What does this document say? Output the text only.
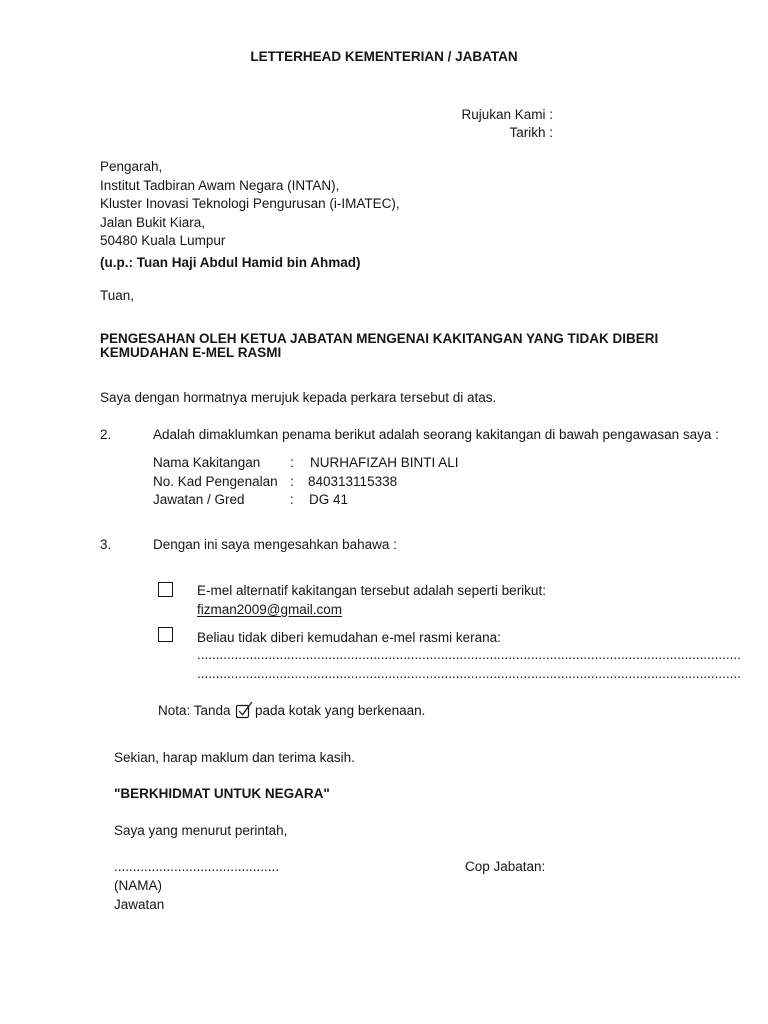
LETTERHEAD KEMENTERIAN / JABATAN
Rujukan Kami :
Tarikh :
Pengarah,
Institut Tadbiran Awam Negara (INTAN),
Kluster Inovasi Teknologi Pengurusan (i-IMATEC),
Jalan Bukit Kiara,
50480 Kuala Lumpur
(u.p.: Tuan Haji Abdul Hamid bin Ahmad)
Tuan,
PENGESAHAN OLEH KETUA JABATAN MENGENAI KAKITANGAN YANG TIDAK DIBERI
KEMUDAHAN E-MEL RASMI
Saya dengan hormatnya merujuk kepada perkara tersebut di atas.
2.	Adalah dimaklumkan penama berikut adalah seorang kakitangan di bawah pengawasan saya :
Nama Kakitangan : NURHAFIZAH BINTI ALI
No. Kad Pengenalan : 840313115338
Jawatan / Gred	: DG 41
3.	Dengan ini saya mengesahkan bahawa :
E-mel alternatif kakitangan tersebut adalah seperti berikut:
fizman2009@gmail.com
Beliau tidak diberi kemudahan e-mel rasmi kerana:
.................................................................................................................................................
.................................................................................................................................................
Nota: Tanda pada kotak yang berkenaan.
Sekian, harap maklum dan terima kasih.
"BERKHIDMAT UNTUK NEGARA"
Saya yang menurut perintah,
............................................	Cop Jabatan:
(NAMA)
Jawatan
